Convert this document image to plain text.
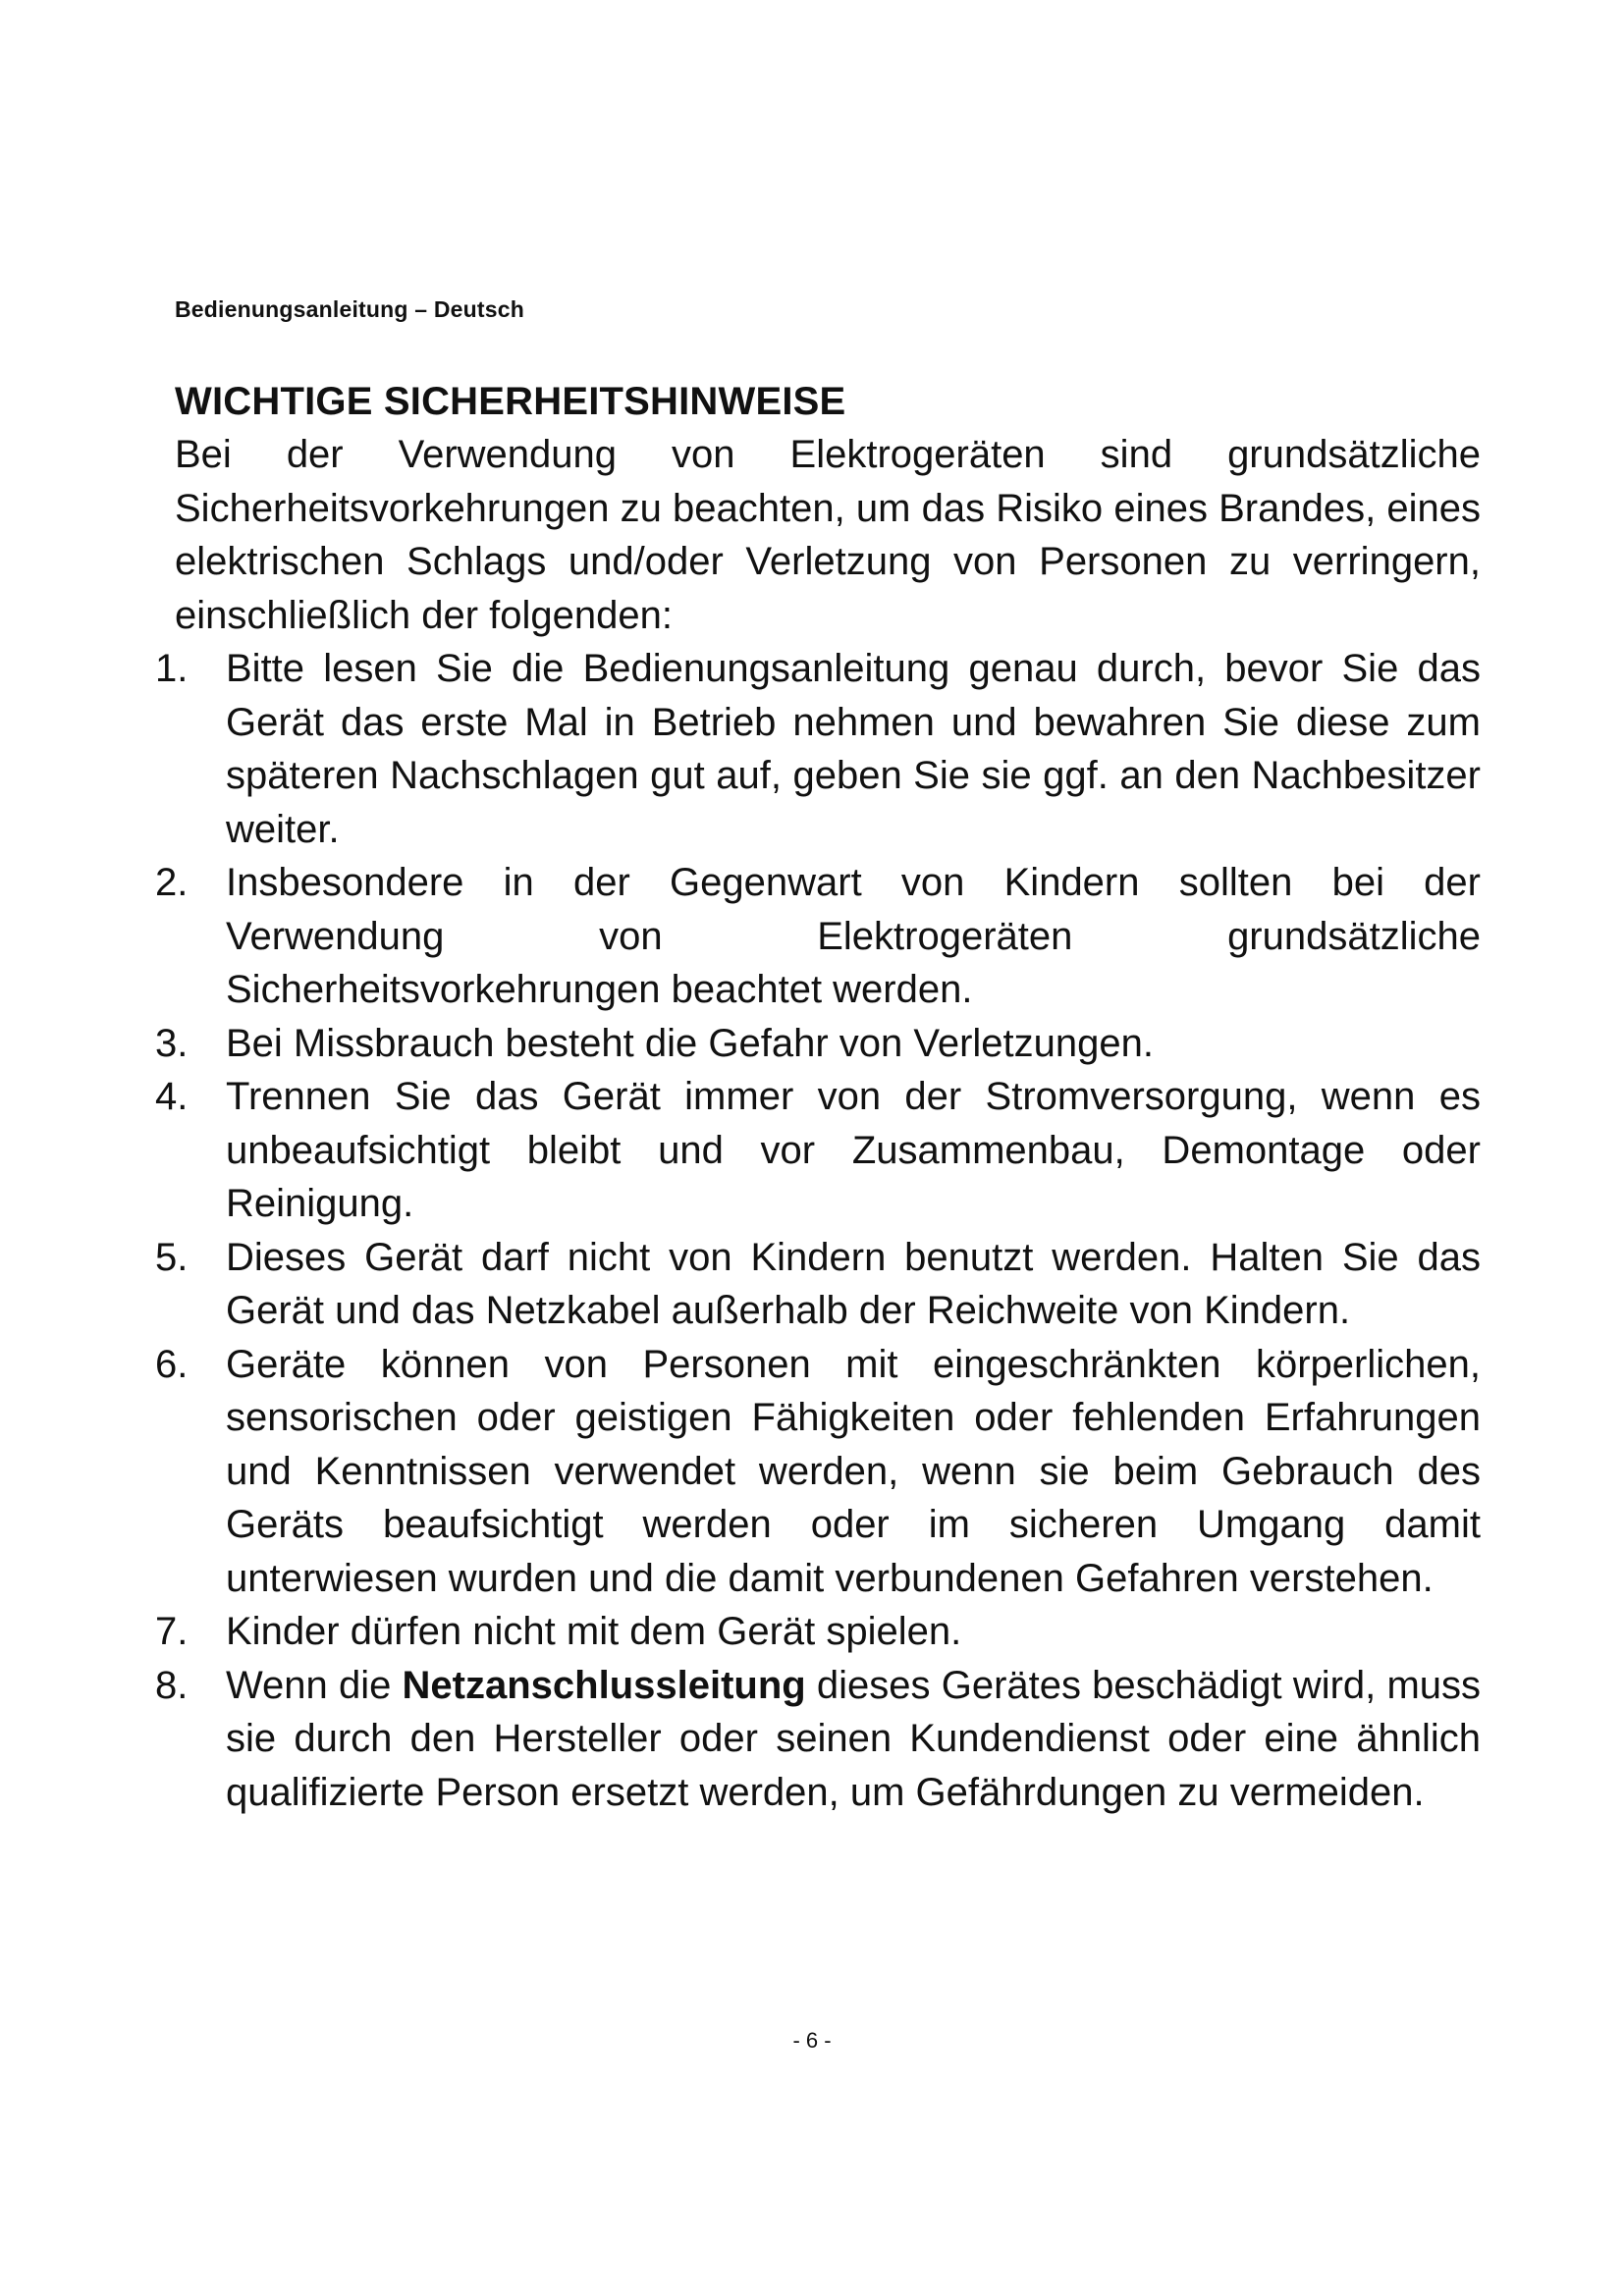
Bedienungsanleitung – Deutsch
WICHTIGE SICHERHEITSHINWEISE

Bei der Verwendung von Elektrogeräten sind grundsätzliche Sicherheitsvorkehrungen zu beachten, um das Risiko eines Brandes, eines elektrischen Schlags und/oder Verletzung von Personen zu verringern, einschließlich der folgenden:

1. Bitte lesen Sie die Bedienungsanleitung genau durch, bevor Sie das Gerät das erste Mal in Betrieb nehmen und bewahren Sie diese zum späteren Nachschlagen gut auf, geben Sie sie ggf. an den Nachbesitzer weiter.
2. Insbesondere in der Gegenwart von Kindern sollten bei der Verwendung von Elektrogeräten grundsätzliche Sicherheitsvorkehrungen beachtet werden.
3. Bei Missbrauch besteht die Gefahr von Verletzungen.
4. Trennen Sie das Gerät immer von der Stromversorgung, wenn es unbeaufsichtigt bleibt und vor Zusammenbau, Demontage oder Reinigung.
5. Dieses Gerät darf nicht von Kindern benutzt werden. Halten Sie das Gerät und das Netzkabel außerhalb der Reichweite von Kindern.
6. Geräte können von Personen mit eingeschränkten körperlichen, sensorischen oder geistigen Fähigkeiten oder fehlenden Erfahrungen und Kenntnissen verwendet werden, wenn sie beim Gebrauch des Geräts beaufsichtigt werden oder im sicheren Umgang damit unterwiesen wurden und die damit verbundenen Gefahren verstehen.
7. Kinder dürfen nicht mit dem Gerät spielen.
8. Wenn die Netzanschlussleitung dieses Gerätes beschädigt wird, muss sie durch den Hersteller oder seinen Kundendienst oder eine ähnlich qualifizierte Person ersetzt werden, um Gefährdungen zu vermeiden.
- 6 -
